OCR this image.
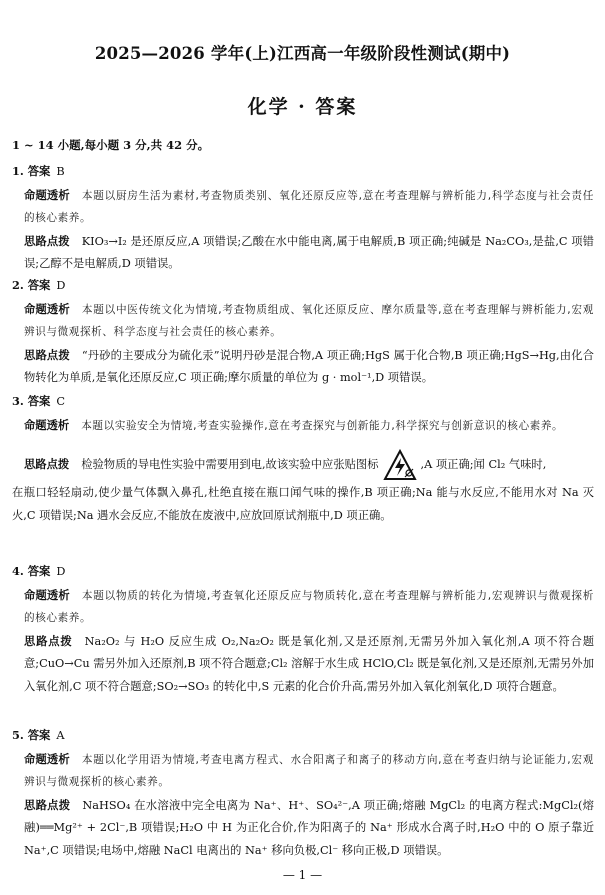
2025—2026 学年(上)江西高一年级阶段性测试(期中)
化学 · 答案
1 ~ 14 小题,每小题 3 分,共 42 分。
1. 答案 B

命题透析 本题以厨房生活为素材,考查物质类别、氧化还原反应等,意在考查理解与辨析能力,科学态度与社会责任的核心素养。

思路点拨 KIO₃→I₂ 是还原反应,A 项错误;乙酸在水中能电离,属于电解质,B 项正确;纯碱是 Na₂CO₃,是盐,C 项错误;乙醇不是电解质,D 项错误。

2. 答案 D

命题透析 本题以中医传统文化为情境,考查物质组成、氧化还原反应、摩尔质量等,意在考查理解与辨析能力,宏观辨识与微观探析、科学态度与社会责任的核心素养。

思路点拨 “丹砂的主要成分为硫化汞”说明丹砂是混合物,A 项正确;HgS 属于化合物,B 项正确;HgS→Hg,由化合物转化为单质,是氧化还原反应,C 项正确;摩尔质量的单位为 g · mol⁻¹,D 项错误。

3. 答案 C

命题透析 本题以实验安全为情境,考查实验操作,意在考查探究与创新能力,科学探究与创新意识的核心素养。

思路点拨 检验物质的导电性实验中需要用到电,故该实验中应张贴图标	,A 项正确;闻 Cl₂ 气味时,

在瓶口轻轻扇动,使少量气体飘入鼻孔,杜绝直接在瓶口闻气味的操作,B 项正确;Na 能与水反应,不能用水对 Na 灭火,C 项错误;Na 遇水会反应,不能放在废液中,应放回原试剂瓶中,D 项正确。

4. 答案 D

命题透析 本题以物质的转化为情境,考查氧化还原反应与物质转化,意在考查理解与辨析能力,宏观辨识与微观探析的核心素养。

思路点拨 Na₂O₂ 与 H₂O 反应生成 O₂,Na₂O₂ 既是氧化剂,又是还原剂,无需另外加入氧化剂,A 项不符合题意;CuO→Cu 需另外加入还原剂,B 项不符合题意;Cl₂ 溶解于水生成 HClO,Cl₂ 既是氧化剂,又是还原剂,无需另外加入氧化剂,C 项不符合题意;SO₂→SO₃ 的转化中,S 元素的化合价升高,需另外加入氧化剂氧化,D 项符合题意。

5. 答案 A

命题透析 本题以化学用语为情境,考查电离方程式、水合阳离子和离子的移动方向,意在考查归纳与论证能力,宏观辨识与微观探析的核心素养。

思路点拨 NaHSO₄ 在水溶液中完全电离为 Na⁺、H⁺、SO₄²⁻,A 项正确;熔融 MgCl₂ 的电离方程式:MgCl₂(熔融)══Mg²⁺ + 2Cl⁻,B 项错误;H₂O 中 H 为正化合价,作为阳离子的 Na⁺ 形成水合离子时,H₂O 中的 O 原子靠近 Na⁺,C 项错误;电场中,熔融 NaCl 电离出的 Na⁺ 移向负极,Cl⁻ 移向正极,D 项错误。

— 1 —
